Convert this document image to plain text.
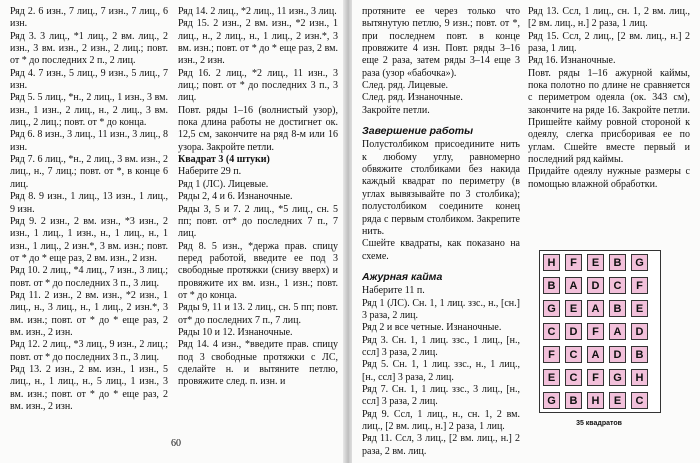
Ряд 2. 6 изн., 7 лиц., 7 изн., 7 лиц., 6 изн.

Ряд 3. 3 лиц., *1 лиц., 2 вм. лиц., 2 изн., 3 вм. изн., 2 изн., 2 лиц.; повт. от * до последних 2 п., 2 лиц.

Ряд 4. 7 изн., 5 лиц., 9 изн., 5 лиц., 7 изн.

Ряд 5. 5 лиц., *н., 2 лиц., 1 изн., 3 вм. изн., 1 изн., 2 лиц., н., 2 лиц., 3 вм. лиц., 2 лиц.; повт. от * до конца.

Ряд 6. 8 изн., 3 лиц., 11 изн., 3 лиц., 8 изн.

Ряд 7. 6 лиц., *н., 2 лиц., 3 вм. изн., 2 лиц., н., 7 лиц.; повт. от *, в конце 6 лиц.

Ряд 8. 9 изн., 1 лиц., 13 изн., 1 лиц., 9 изн.

Ряд 9. 2 изн., 2 вм. изн., *3 изн., 2 изн., 1 лиц., 1 изн., н., 1 лиц., н., 1 изн., 1 лиц., 2 изн.*, 3 вм. изн.; повт. от * до * еще раз, 2 вм. изн., 2 изн.

Ряд 10. 2 лиц., *4 лиц., 7 изн., 3 лиц.; повт. от * до последних 3 п., 3 лиц.

Ряд 11. 2 изн., 2 вм. изн., *2 изн., 1 лиц., н., 3 лиц., н., 1 лиц., 2 изн.*, 3 вм. изн.; повт. от * до * еще раз, 2 вм. изн., 2 изн.

Ряд 12. 2 лиц., *3 лиц., 9 изн., 2 лиц.; повт. от * до последних 3 п., 3 лиц.

Ряд 13. 2 изн., 2 вм. изн., 1 изн., 5 лиц., н., 1 лиц., н., 5 лиц., 1 изн., 3 вм. изн.; повт. от * до * еще раз, 2 вм. изн., 2 изн.

Ряд 14. 2 лиц., *2 лиц., 11 изн., 3 лиц.

Ряд 15. 2 изн., 2 вм. изн., *2 изн., 1 лиц., н., 2 лиц., н., 1 лиц., 2 изн.*, 3 вм. изн.; повт. от * до * еще раз, 2 вм. изн., 2 изн.

Ряд 16. 2 лиц., *2 лиц., 11 изн., 3 лиц.; повт. от * до последних 3 п., 3 лиц.

Повт. ряды 1–16 (волнистый узор), пока длина работы не достигнет ок. 12,5 см, закончите на ряд 8-м или 16 узора. Закройте петли.

Квадрат 3 (4 штуки)

Наберите 29 п.

Ряд 1 (ЛС). Лицевые.

Ряды 2, 4 и 6. Изнаночные.

Ряды 3, 5 и 7. 2 лиц., *5 лиц., сн. 5 пп; повт. от* до последних 7 п., 7 лиц.

Ряд 8. 5 изн., *держа прав. спицу перед работой, введите ее под 3 свободные протяжки (снизу вверх) и провяжите их вм. изн., 1 изн.; повт. от * до конца.

Ряды 9, 11 и 13. 2 лиц., сн. 5 пп; повт. от* до последних 7 п., 7 лиц.

Ряды 10 и 12. Изнаночные.

Ряд 14. 4 изн., *введите прав. спицу под 3 свободные протяжки с ЛС, сделайте н. и вытяните петлю, провяжите след. п. изн. и

60

протяните ее через только что вытянутую петлю, 9 изн.; повт. от *, при последнем повт. в конце провяжите 4 изн. Повт. ряды 3–16 еще 2 раза, затем ряды 3–14 еще 3 раза (узор «бабочка»).

След. ряд. Лицевые.

След. ряд. Изнаночные.

Закройте петли.

Завершение работы

Полустолбиком присоедините нить к любому углу, равномерно обвяжите столбиками без накида каждый квадрат по периметру (в углах вывязывайте по 3 столбика); полустолбиком соедините конец ряда с первым столбиком. Закрепите нить.

Сшейте квадраты, как показано на схеме.

Ажурная кайма

Наберите 11 п.

Ряд 1 (ЛС). Сн. 1, 1 лиц. ззс., н., [сн.] 3 раза, 2 лиц.

Ряд 2 и все четные. Изнаночные.

Ряд 3. Сн. 1, 1 лиц. ззс., 1 лиц., [н., ссл] 3 раза, 2 лиц.

Ряд 5. Сн. 1, 1 лиц. ззс., н., 1 лиц., [н., ссл] 3 раза, 2 лиц.

Ряд 7. Сн. 1, 1 лиц. ззс., 3 лиц., [н., ссл] 3 раза, 2 лиц.

Ряд 9. Ссл, 1 лиц., н., сн. 1, 2 вм. лиц., [2 вм. лиц., н.] 2 раза, 1 лиц.

Ряд 11. Ссл, 3 лиц., [2 вм. лиц., н.] 2 раза, 2 вм. лиц.

Ряд 13. Ссл, 1 лиц., сн. 1, 2 вм. лиц., [2 вм. лиц., н.] 2 раза, 1 лиц.

Ряд 15. Ссл, 2 лиц., [2 вм. лиц., н.] 2 раза, 1 лиц.

Ряд 16. Изнаночные.

Повт. ряды 1–16 ажурной каймы, пока полотно по длине не сравняется с периметром одеяла (ок. 343 см), закончите на ряде 16. Закройте петли. Пришейте кайму ровной стороной к одеялу, слегка присборивая ее по углам. Сшейте вместе первый и последний ряд каймы.

Придайте одеялу нужные размеры с помощью влажной обработки.

H	F	E	B	G
B	A	D	C	F
G	E	A	B	E
C	D	F	A	D
F	C	A	D	B
E	C	F	G	H
G	B	H	E	C
35 квадратов
